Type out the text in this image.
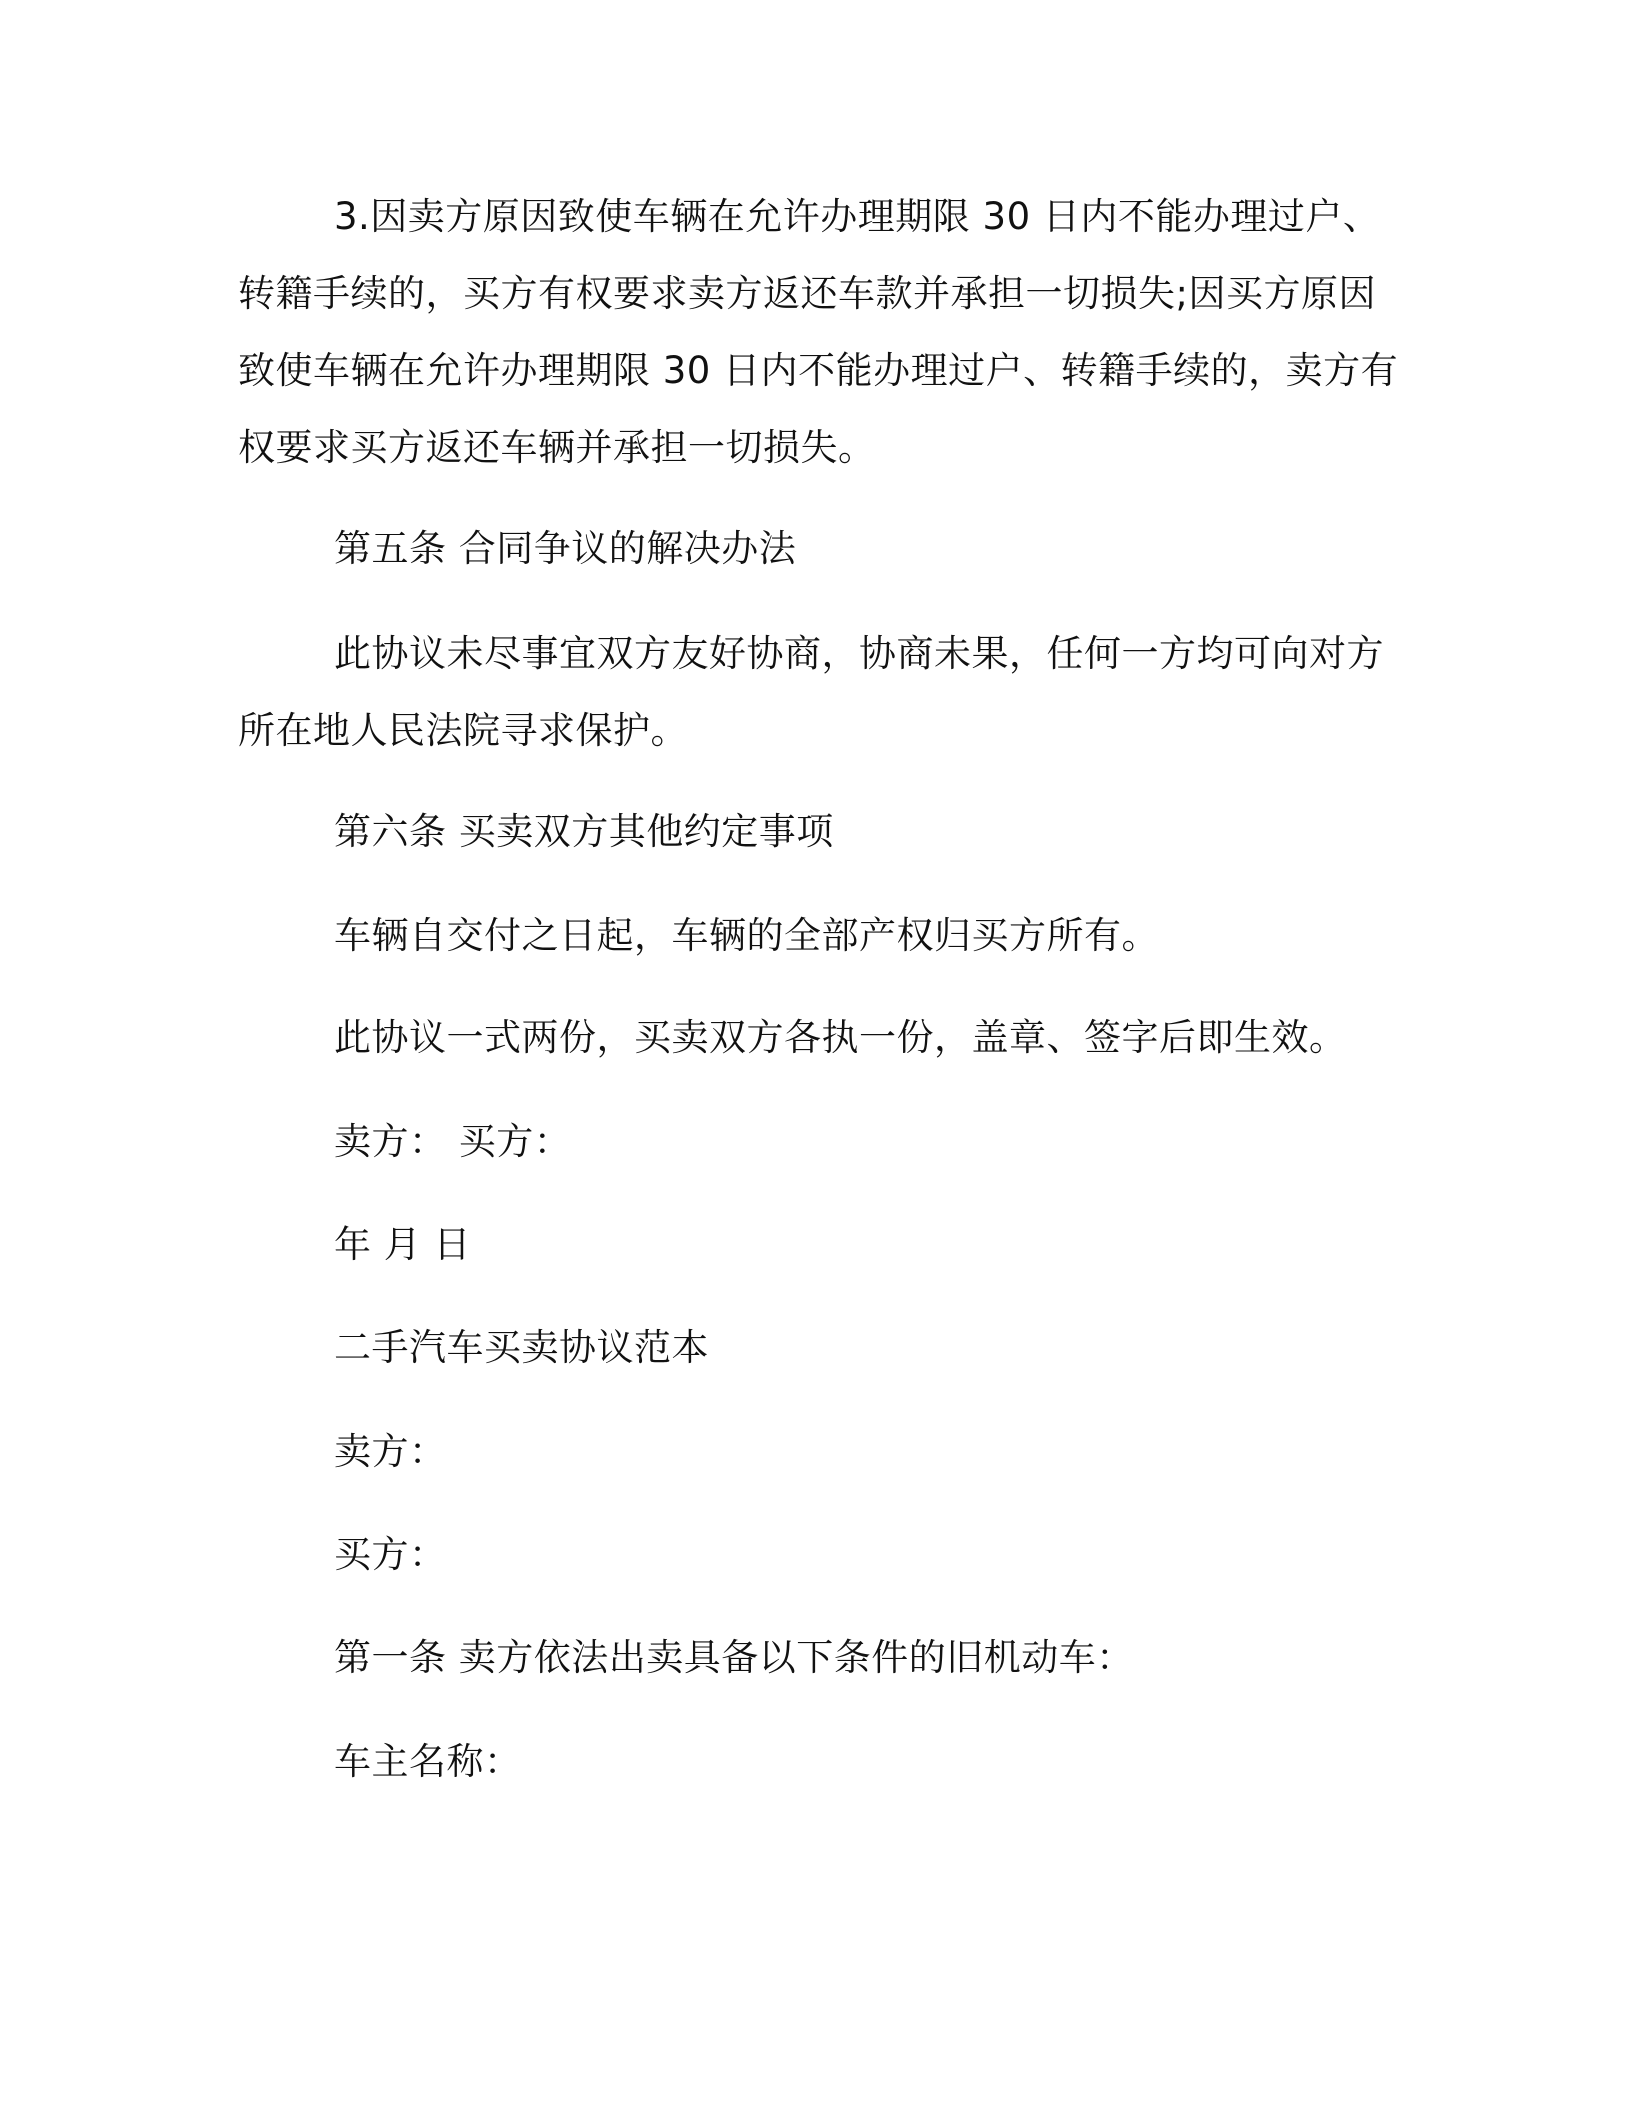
3.因卖方原因致使车辆在允许办理期限 30 日内不能办理过户、
转籍手续的，买方有权要求卖方返还车款并承担一切损失;因买方原因
致使车辆在允许办理期限 30 日内不能办理过户、转籍手续的，卖方有
权要求买方返还车辆并承担一切损失。
第五条 合同争议的解决办法
此协议未尽事宜双方友好协商，协商未果，任何一方均可向对方
所在地人民法院寻求保护。
第六条 买卖双方其他约定事项
车辆自交付之日起，车辆的全部产权归买方所有。
此协议一式两份，买卖双方各执一份，盖章、签字后即生效。
卖方： 买方：
年 月 日
二手汽车买卖协议范本
卖方：
买方：
第一条 卖方依法出卖具备以下条件的旧机动车：
车主名称：
